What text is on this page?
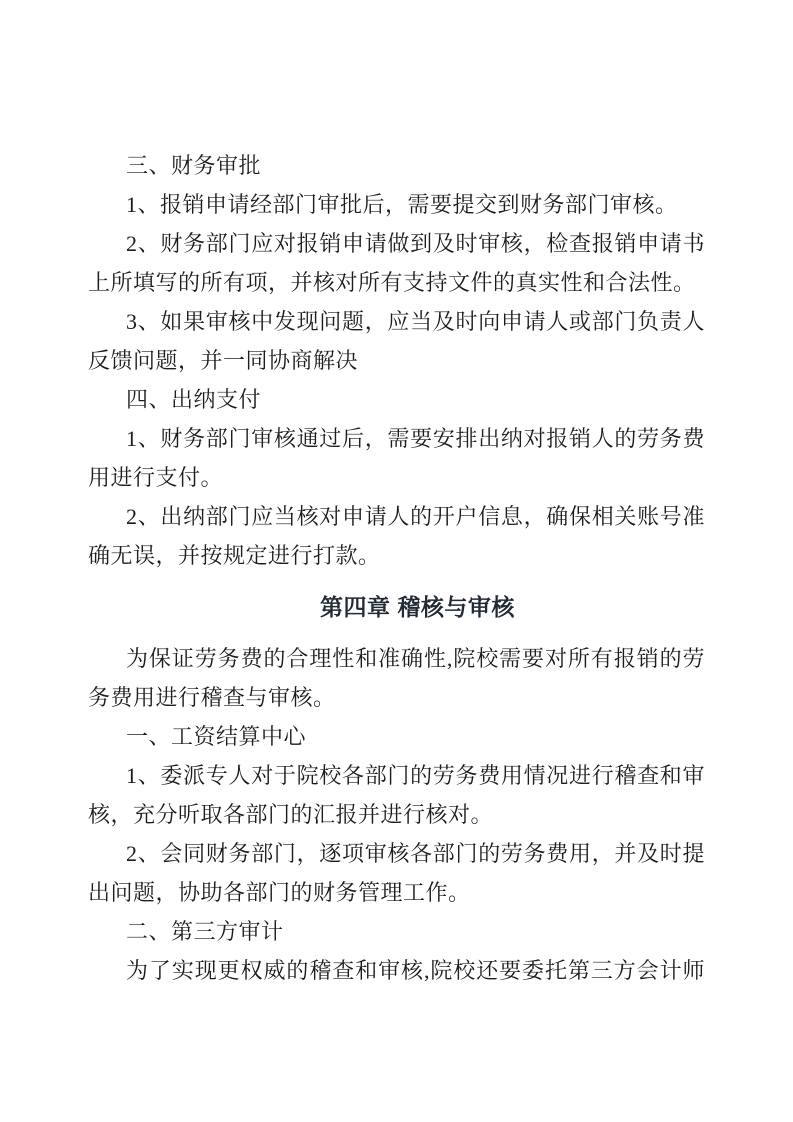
三、财务审批
1、报销申请经部门审批后，需要提交到财务部门审核。
2、财务部门应对报销申请做到及时审核，检查报销申请书
上所填写的所有项，并核对所有支持文件的真实性和合法性。
3、如果审核中发现问题，应当及时向申请人或部门负责人
反馈问题，并一同协商解决
四、出纳支付
1、财务部门审核通过后，需要安排出纳对报销人的劳务费
用进行支付。
2、出纳部门应当核对申请人的开户信息，确保相关账号准
确无误，并按规定进行打款。
第四章 稽核与审核
为保证劳务费的合理性和准确性,院校需要对所有报销的劳
务费用进行稽查与审核。
一、工资结算中心
1、委派专人对于院校各部门的劳务费用情况进行稽查和审
核，充分听取各部门的汇报并进行核对。
2、会同财务部门，逐项审核各部门的劳务费用，并及时提
出问题，协助各部门的财务管理工作。
二、第三方审计
为了实现更权威的稽查和审核,院校还要委托第三方会计师
